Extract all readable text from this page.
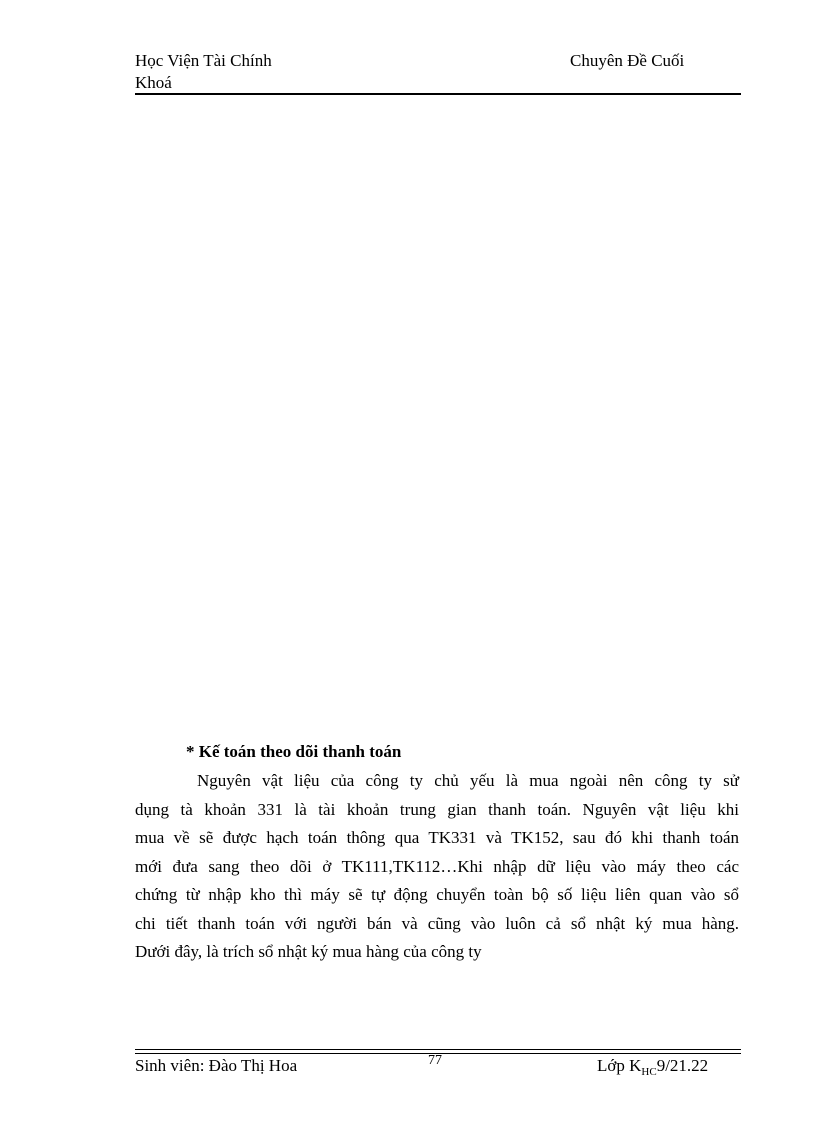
Học Viện Tài Chính
Khoá
Chuyên Đề Cuối
* Kế toán theo dõi thanh toán
Nguyên vật liệu của công ty chủ yếu là mua ngoài nên công ty sử
dụng tà khoản 331 là tài khoản trung gian thanh toán. Nguyên vật liệu khi
mua về sẽ được hạch toán thông qua TK331 và TK152, sau đó khi thanh toán
mới đưa sang theo dõi ở TK111,TK112…Khi nhập dữ liệu vào máy theo các
chứng từ nhập kho thì máy sẽ tự động chuyển toàn bộ số liệu liên quan vào sổ
chi tiết thanh toán với người bán và cũng vào luôn cả sổ nhật ký mua hàng.
Dưới đây, là trích sổ nhật ký mua hàng của công ty
Sinh viên: Đào Thị Hoa	77	Lớp $K_{HC}9/21.22$
